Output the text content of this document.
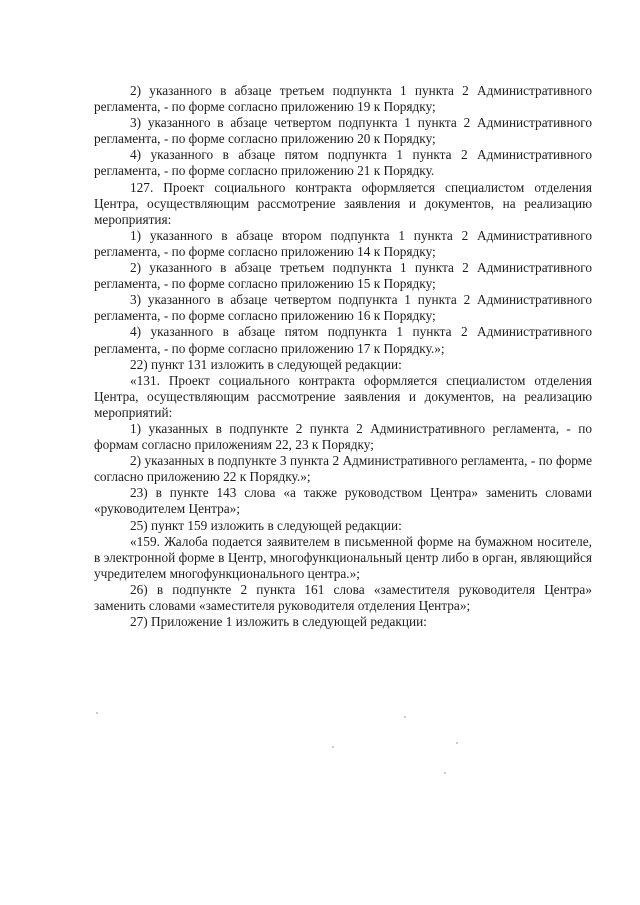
2) указанного в абзаце третьем подпункта 1 пункта 2 Административного регламента, - по форме согласно приложению 19 к Порядку;

3) указанного в абзаце четвертом подпункта 1 пункта 2 Административного регламента, - по форме согласно приложению 20 к Порядку;

4) указанного в абзаце пятом подпункта 1 пункта 2 Административного регламента, - по форме согласно приложению 21 к Порядку.

127. Проект социального контракта оформляется специалистом отделения Центра, осуществляющим рассмотрение заявления и документов, на реализацию мероприятия:

1) указанного в абзаце втором подпункта 1 пункта 2 Административного регламента, - по форме согласно приложению 14 к Порядку;

2) указанного в абзаце третьем подпункта 1 пункта 2 Административного регламента, - по форме согласно приложению 15 к Порядку;

3) указанного в абзаце четвертом подпункта 1 пункта 2 Административного регламента, - по форме согласно приложению 16 к Порядку;

4) указанного в абзаце пятом подпункта 1 пункта 2 Административного регламента, - по форме согласно приложению 17 к Порядку.»;

22) пункт 131 изложить в следующей редакции:

«131. Проект социального контракта оформляется специалистом отделения Центра, осуществляющим рассмотрение заявления и документов, на реализацию мероприятий:

1) указанных в подпункте 2 пункта 2 Административного регламента, - по формам согласно приложениям 22, 23 к Порядку;

2) указанных в подпункте 3 пункта 2 Административного регламента, - по форме согласно приложению 22 к Порядку.»;

23) в пункте 143 слова «а также руководством Центра» заменить словами «руководителем Центра»;

25) пункт 159 изложить в следующей редакции:

«159. Жалоба подается заявителем в письменной форме на бумажном носителе, в электронной форме в Центр, многофункциональный центр либо в орган, являющийся учредителем многофункционального центра.»;

26) в подпункте 2 пункта 161 слова «заместителя руководителя Центра» заменить словами «заместителя руководителя отделения Центра»;

27) Приложение 1 изложить в следующей редакции:
